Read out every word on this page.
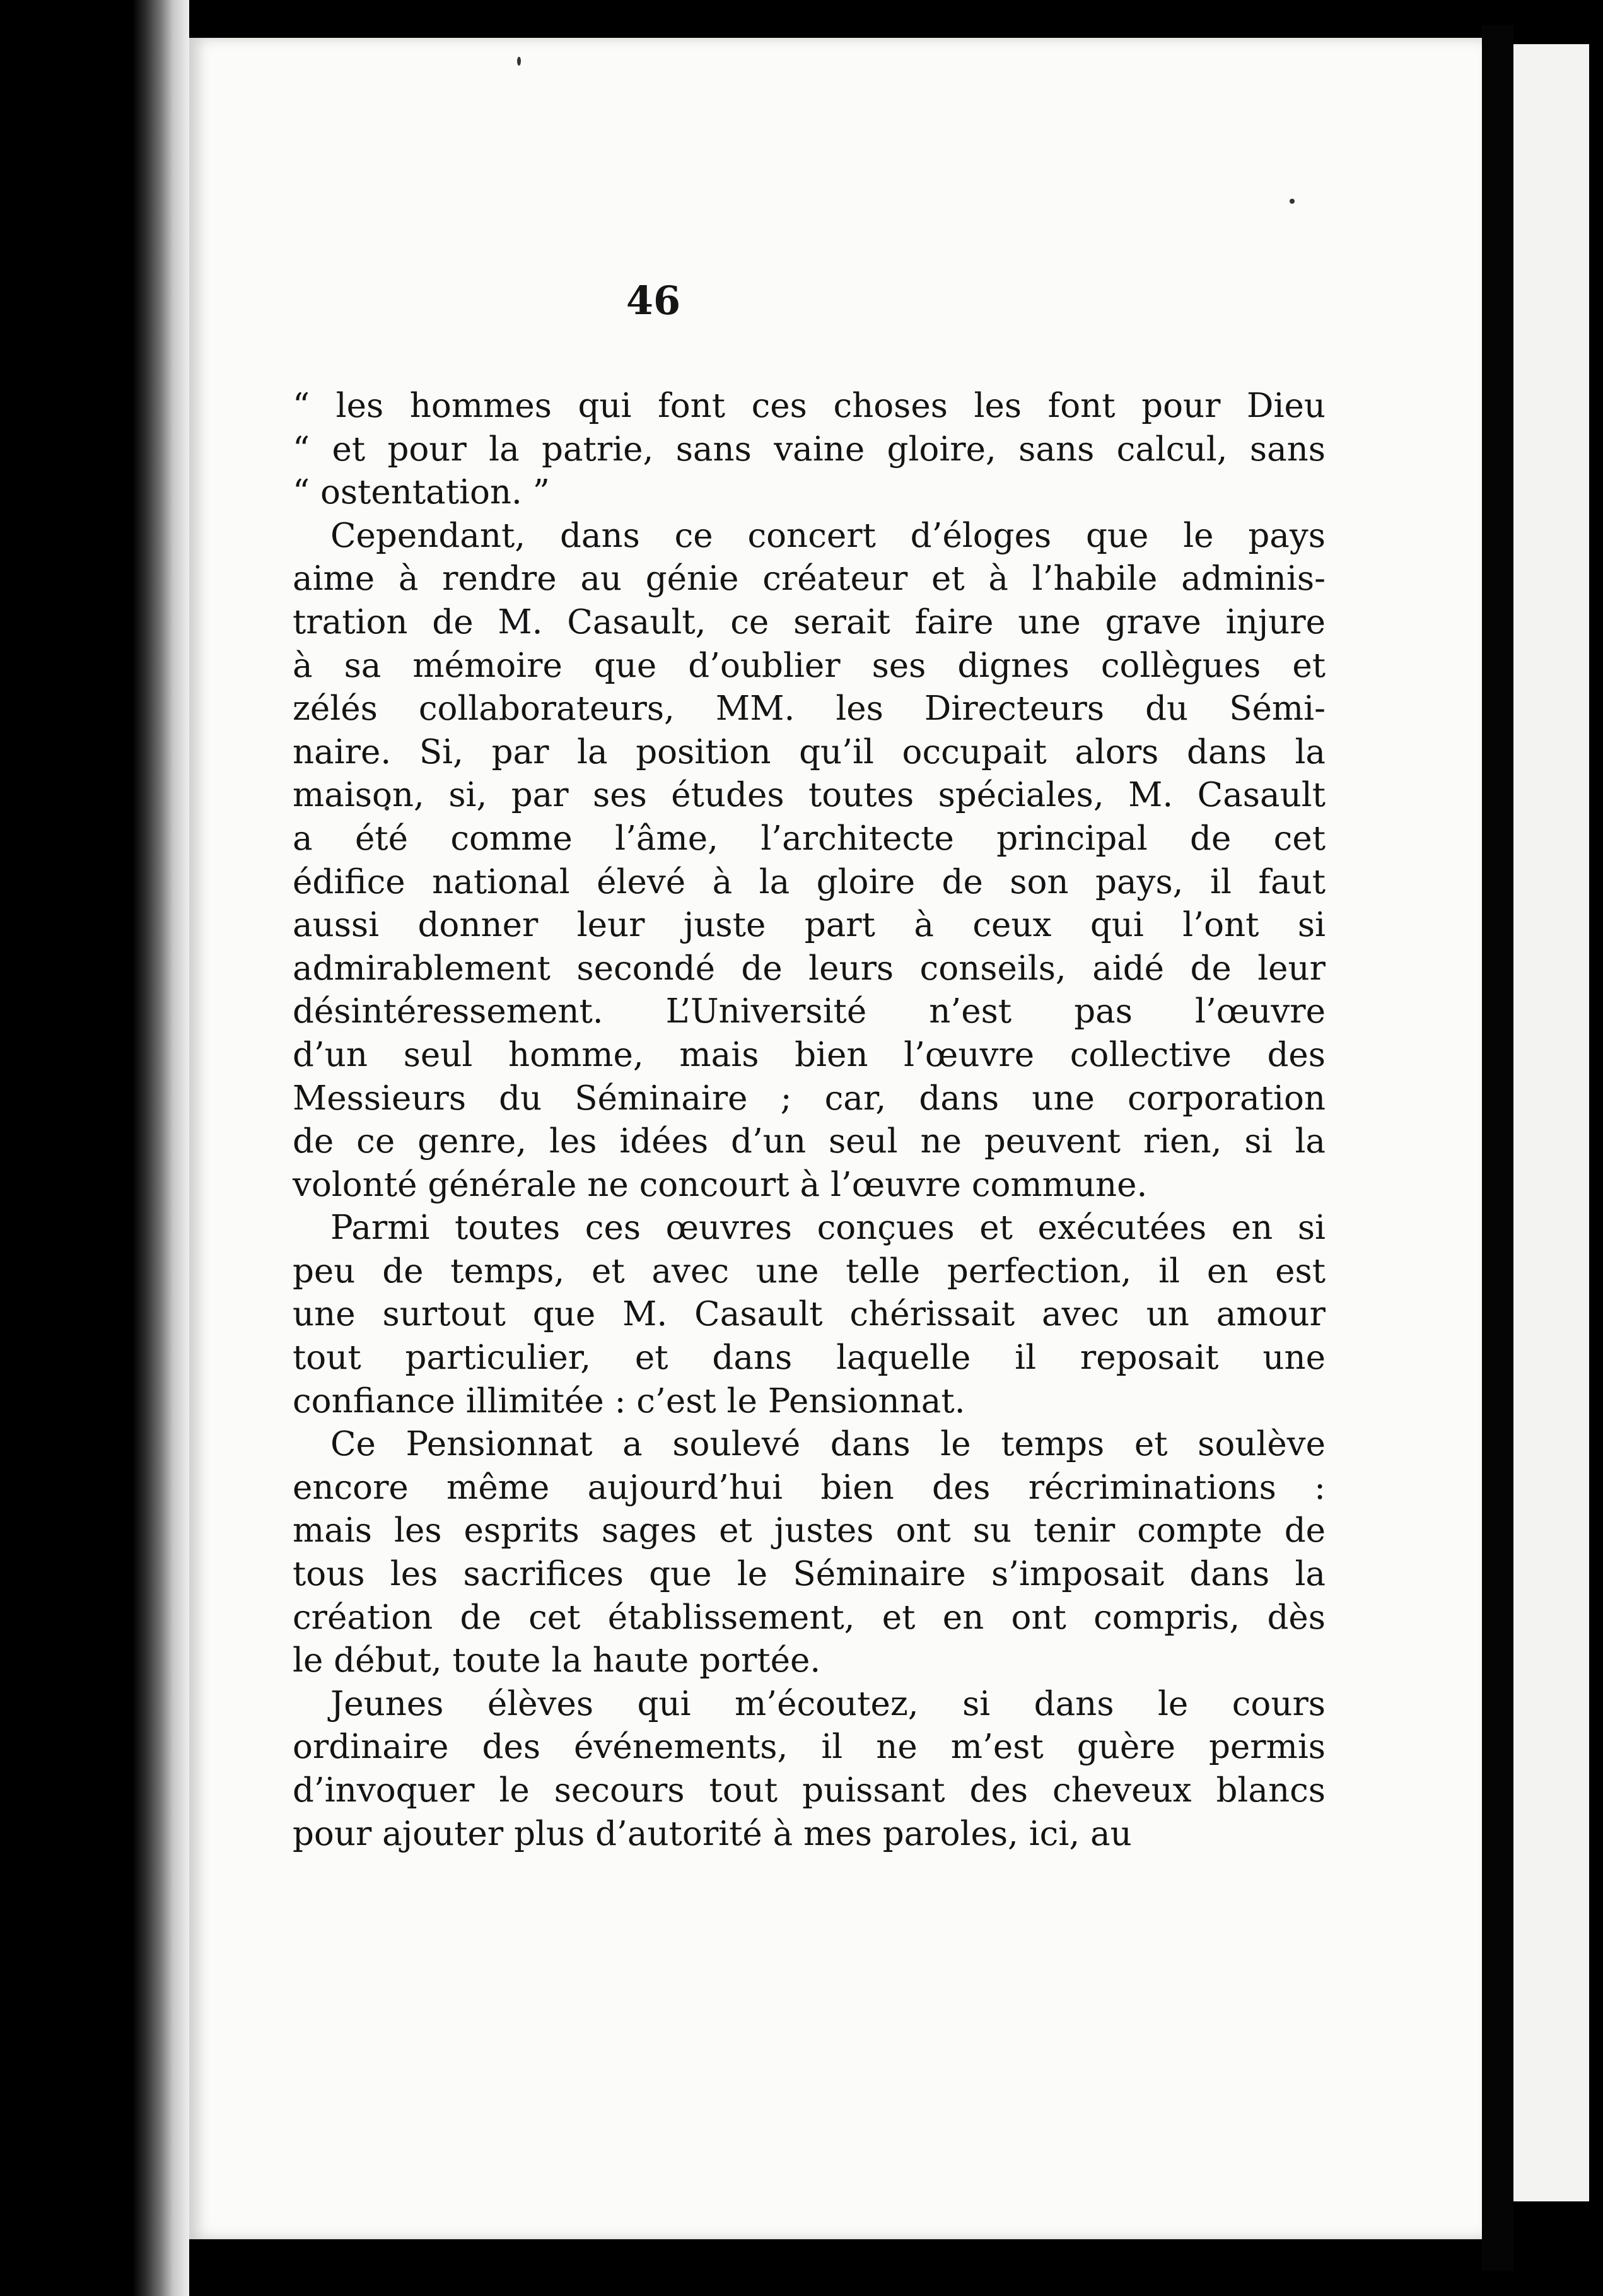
46

“ les hommes qui font ces choses les font pour Dieu
“ et pour la patrie, sans vaine gloire, sans calcul, sans
“ ostentation. ”

Cependant, dans ce concert d’éloges que le pays
aime à rendre au génie créateur et à l’habile adminis-
tration de M. Casault, ce serait faire une grave injure
à sa mémoire que d’oublier ses dignes collègues et
zélés collaborateurs, MM. les Directeurs du Sémi-
naire. Si, par la position qu’il occupait alors dans la
maison, si, par ses études toutes spéciales, M. Casault
a été comme l’âme, l’architecte principal de cet
édifice national élevé à la gloire de son pays, il faut
aussi donner leur juste part à ceux qui l’ont si
admirablement secondé de leurs conseils, aidé de leur
désintéressement. L’Université n’est pas l’œuvre
d’un seul homme, mais bien l’œuvre collective des
Messieurs du Séminaire ; car, dans une corporation
de ce genre, les idées d’un seul ne peuvent rien, si la
volonté générale ne concourt à l’œuvre commune.

Parmi toutes ces œuvres conçues et exécutées en si
peu de temps, et avec une telle perfection, il en est
une surtout que M. Casault chérissait avec un amour
tout particulier, et dans laquelle il reposait une
confiance illimitée : c’est le Pensionnat.

Ce Pensionnat a soulevé dans le temps et soulève
encore même aujourd’hui bien des récriminations :
mais les esprits sages et justes ont su tenir compte de
tous les sacrifices que le Séminaire s’imposait dans la
création de cet établissement, et en ont compris, dès
le début, toute la haute portée.

Jeunes élèves qui m’écoutez, si dans le cours
ordinaire des événements, il ne m’est guère permis
d’invoquer le secours tout puissant des cheveux blancs
pour ajouter plus d’autorité à mes paroles, ici, au
